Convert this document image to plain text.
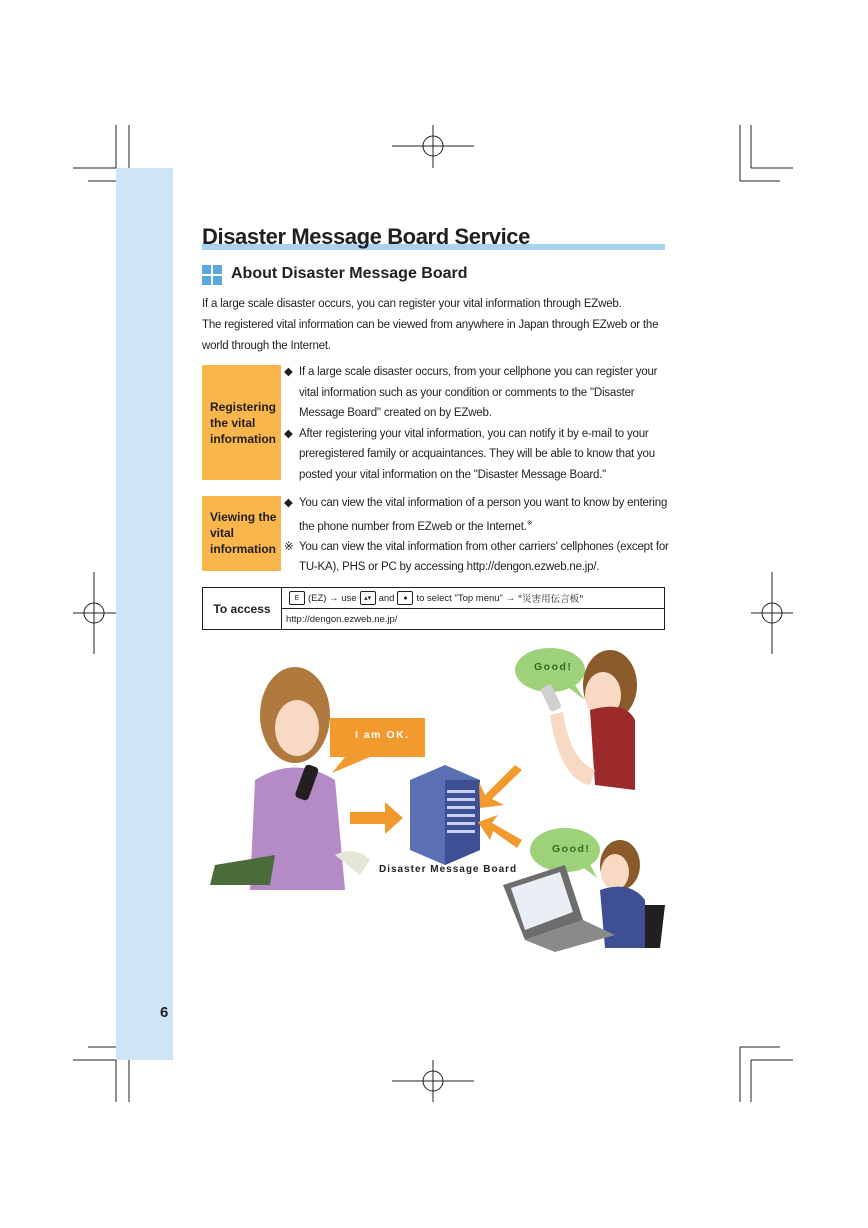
6
Disaster Message Board Service
About Disaster Message Board
If a large scale disaster occurs, you can register your vital information through EZweb.
The registered vital information can be viewed from anywhere in Japan through EZweb or the world through the Internet.
Registering the vital information

◆ If a large scale disaster occurs, from your cellphone you can register your vital information such as your condition or comments to the "Disaster Message Board" created on by EZweb.

◆ After registering your vital information, you can notify it by e-mail to your preregistered family or acquaintances. They will be able to know that you posted your vital information on the "Disaster Message Board."

Viewing the vital information

◆ You can view the vital information of a person you want to know by entering the phone number from EZweb or the Internet.※

※ You can view the vital information from other carriers' cellphones (except for TU-KA), PHS or PC by accessing http://dengon.ezweb.ne.jp/.

To access
E (EZ)
→
use	▴▾ and	● to select "Top menu"
→
"災害用伝言板"
http://dengon.ezweb.ne.jp/
I am OK.
Good!
Good!
Disaster Message Board
